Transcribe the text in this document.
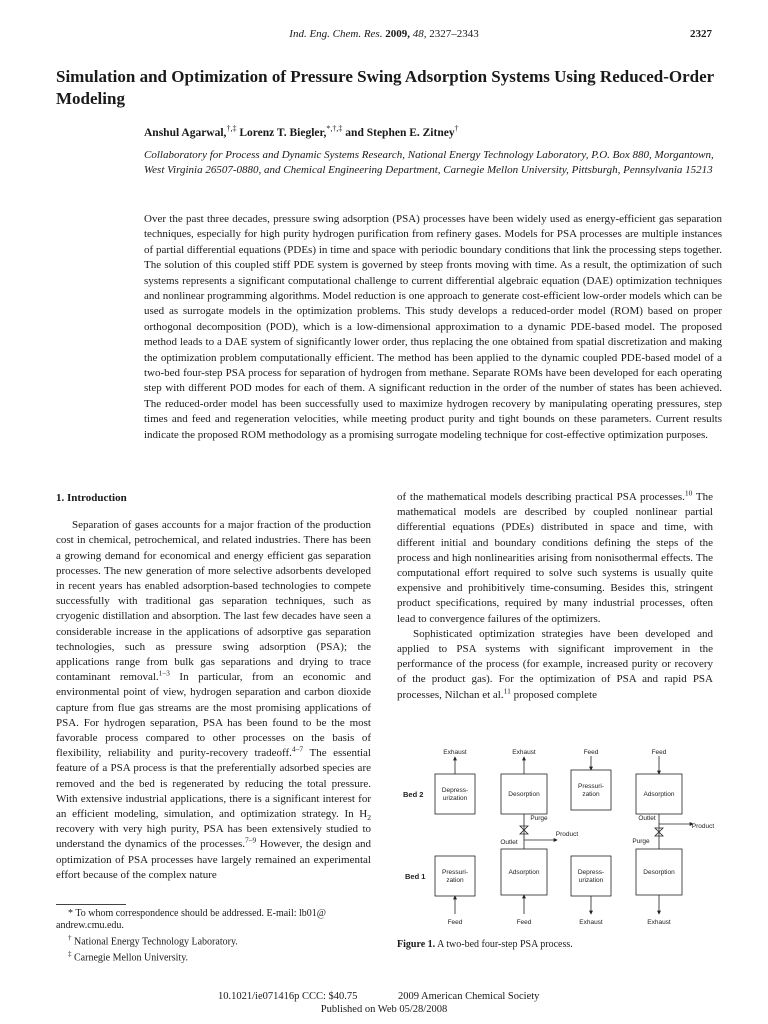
Ind. Eng. Chem. Res. 2009, 48, 2327–2343	2327
Simulation and Optimization of Pressure Swing Adsorption Systems Using Reduced-Order Modeling
Anshul Agarwal,†,‡ Lorenz T. Biegler,*,†,‡ and Stephen E. Zitney†

Collaboratory for Process and Dynamic Systems Research, National Energy Technology Laboratory, P.O. Box 880, Morgantown, West Virginia 26507-0880, and Chemical Engineering Department, Carnegie Mellon University, Pittsburgh, Pennsylvania 15213

Over the past three decades, pressure swing adsorption (PSA) processes have been widely used as energy-efficient gas separation techniques, especially for high purity hydrogen purification from refinery gases. Models for PSA processes are multiple instances of partial differential equations (PDEs) in time and space with periodic boundary conditions that link the processing steps together. The solution of this coupled stiff PDE system is governed by steep fronts moving with time. As a result, the optimization of such systems represents a significant computational challenge to current differential algebraic equation (DAE) optimization techniques and nonlinear programming algorithms. Model reduction is one approach to generate cost-efficient low-order models which can be used as surrogate models in the optimization problems. This study develops a reduced-order model (ROM) based on proper orthogonal decomposition (POD), which is a low-dimensional approximation to a dynamic PDE-based model. The proposed method leads to a DAE system of significantly lower order, thus replacing the one obtained from spatial discretization and making the optimization problem computationally efficient. The method has been applied to the dynamic coupled PDE-based model of a two-bed four-step PSA process for separation of hydrogen from methane. Separate ROMs have been developed for each operating step with different POD modes for each of them. A significant reduction in the order of the number of states has been achieved. The reduced-order model has been successfully used to maximize hydrogen recovery by manipulating operating pressures, step times and feed and regeneration velocities, while meeting product purity and tight bounds on these parameters. Current results indicate the proposed ROM methodology as a promising surrogate modeling technique for cost-effective optimization purposes.

1. Introduction

Separation of gases accounts for a major fraction of the production cost in chemical, petrochemical, and related industries. There has been a growing demand for economical and energy efficient gas separation processes. The new generation of more selective adsorbents developed in recent years has enabled adsorption-based technologies to compete successfully with traditional gas separation techniques, such as cryogenic distillation and absorption. The last few decades have seen a considerable increase in the applications of adsorptive gas separation technologies, such as pressure swing adsorption (PSA); the applications range from bulk gas separations and drying to trace contaminant removal.$^{1-3}$ In particular, from an economic and environmental point of view, hydrogen separation and carbon dioxide capture from flue gas streams are the most promising applications of PSA. For hydrogen separation, PSA has been found to be the most favorable process compared to other processes on the basis of flexibility, reliability and purity-recovery tradeoff.$^{4-7}$ The essential feature of a PSA process is that the preferentially adsorbed species are removed and the bed is regenerated by reducing the total pressure. With extensive industrial applications, there is a significant interest for an efficient modeling, simulation, and optimization strategy. In $H_2$ recovery with very high purity, PSA has been extensively studied to understand the dynamics of the processes.$^{7-9}$ However, the design and optimization of PSA processes have largely remained an experimental effort because of the complex nature

of the mathematical models describing practical PSA processes.$^{10}$ The mathematical models are described by coupled nonlinear partial differential equations (PDEs) distributed in space and time, with different initial and boundary conditions defining the steps of the process and high nonlinearities arising from nonisothermal effects. The computational effort required to solve such systems is usually quite expensive and prohibitively time-consuming. Besides this, stringent product specifications, required by many industrial processes, often lead to convergence failures of the optimizers.

Sophisticated optimization strategies have been developed and applied to PSA systems with significant improvement in the performance of the process (for example, increased purity or recovery of the product gas). For the optimization of PSA and rapid PSA processes, Nilchan et al.$^{11}$ proposed complete

* To whom correspondence should be addressed. E-mail: lb01@ andrew.cmu.edu.
† National Energy Technology Laboratory.
‡ Carnegie Mellon University.
Exhaust	Exhaust	Feed	Feed
Depress-
urization
Desorption
Pressuri-
zation	Adsorption
Pressuri-
zation
Adsorption	Depress-
urization
Desorption
Feed	Feed	Exhaust	Exhaust
Purge
Outlet
Product
Outlet
Product
Purge
Bed 2
Bed 1
Figure 1. A two-bed four-step PSA process.
10.1021/ie071416p CCC: $40.75	2009 American Chemical Society
Published on Web 05/28/2008
